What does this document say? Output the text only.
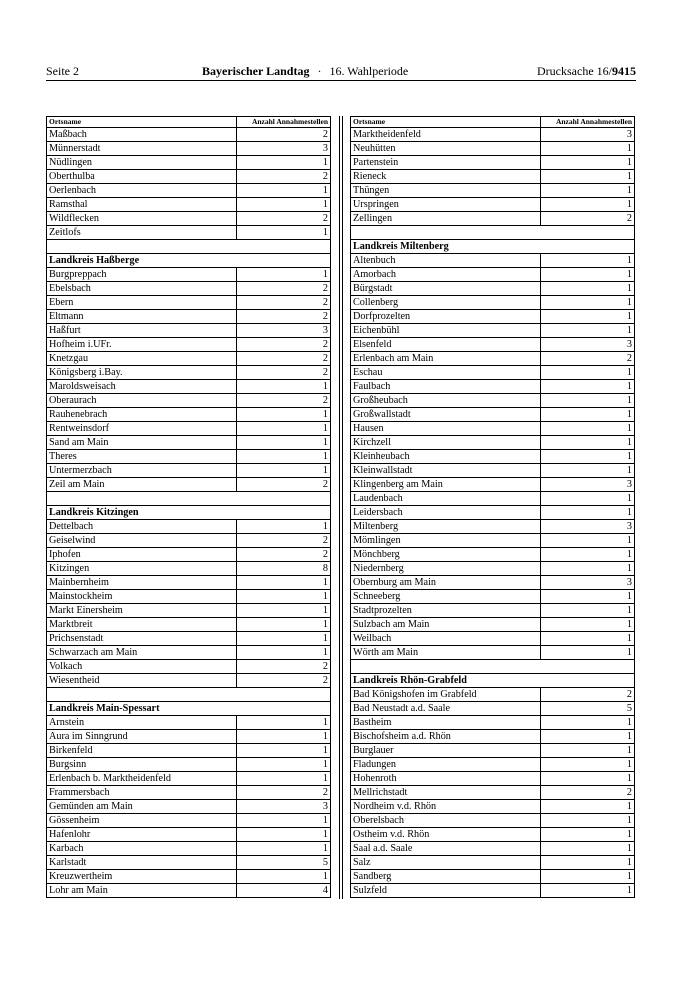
Seite 2	Bayerischer Landtag · 16. Wahlperiode	Drucksache 16/9415
Ortsname	Anzahl Annahmestellen
Maßbach	2
Münnerstadt	3
Nüdlingen	1
Oberthulba	2
Oerlenbach	1
Ramsthal	1
Wildflecken	2
Zeitlofs	1

Landkreis Haßberge	
Burgpreppach	1
Ebelsbach	2
Ebern	2
Eltmann	2
Haßfurt	3
Hofheim i.UFr.	2
Knetzgau	2
Königsberg i.Bay.	2
Maroldsweisach	1
Oberaurach	2
Rauhenebrach	1
Rentweinsdorf	1
Sand am Main	1
Theres	1
Untermerzbach	1
Zeil am Main	2

Landkreis Kitzingen	
Dettelbach	1
Geiselwind	2
Iphofen	2
Kitzingen	8
Mainbernheim	1
Mainstockheim	1
Markt Einersheim	1
Marktbreit	1
Prichsenstadt	1
Schwarzach am Main	1
Volkach	2
Wiesentheid	2

Landkreis Main-Spessart	
Arnstein	1
Aura im Sinngrund	1
Birkenfeld	1
Burgsinn	1
Erlenbach b. Marktheidenfeld	1
Frammersbach	2
Gemünden am Main	3
Gössenheim	1
Hafenlohr	1
Karbach	1
Karlstadt	5
Kreuzwertheim	1
Lohr am Main	4
Ortsname	Anzahl Annahmestellen
Marktheidenfeld	3
Neuhütten	1
Partenstein	1
Rieneck	1
Thüngen	1
Urspringen	1
Zellingen	2

Landkreis Miltenberg	
Altenbuch	1
Amorbach	1
Bürgstadt	1
Collenberg	1
Dorfprozelten	1
Eichenbühl	1
Elsenfeld	3
Erlenbach am Main	2
Eschau	1
Faulbach	1
Großheubach	1
Großwallstadt	1
Hausen	1
Kirchzell	1
Kleinheubach	1
Kleinwallstadt	1
Klingenberg am Main	3
Laudenbach	1
Leidersbach	1
Miltenberg	3
Mömlingen	1
Mönchberg	1
Niedernberg	1
Obernburg am Main	3
Schneeberg	1
Stadtprozelten	1
Sulzbach am Main	1
Weilbach	1
Wörth am Main	1

Landkreis Rhön-Grabfeld	
Bad Königshofen im Grabfeld	2
Bad Neustadt a.d. Saale	5
Bastheim	1
Bischofsheim a.d. Rhön	1
Burglauer	1
Fladungen	1
Hohenroth	1
Mellrichstadt	2
Nordheim v.d. Rhön	1
Oberelsbach	1
Ostheim v.d. Rhön	1
Saal a.d. Saale	1
Salz	1
Sandberg	1
Sulzfeld	1
